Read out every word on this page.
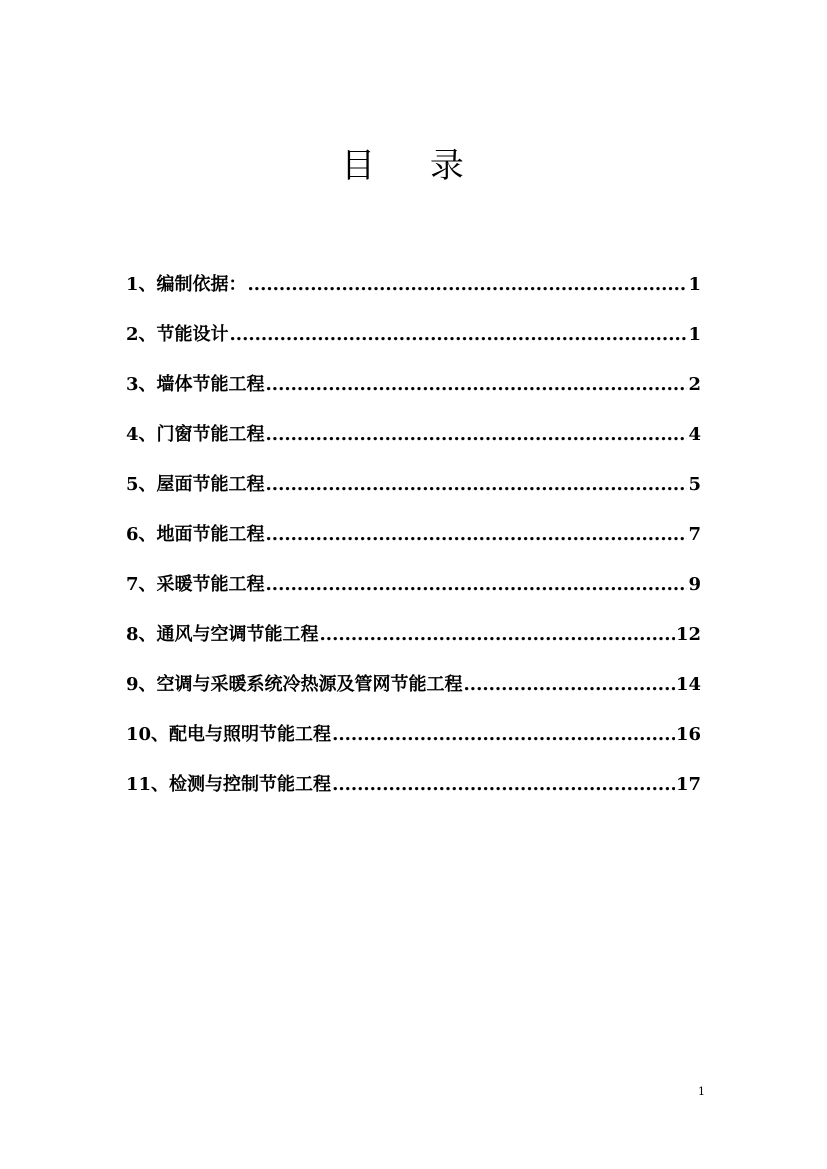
目 录
1、编制依据： .....	1
2、节能设计 .....	1
3、墙体节能工程 .....	2
4、门窗节能工程 .....	4
5、屋面节能工程 .....	5
6、地面节能工程 .....	7
7、采暖节能工程 .....	9
8、通风与空调节能工程 .....	12
9、空调与采暖系统冷热源及管网节能工程 .....	14
10、配电与照明节能工程 .....	16
11、检测与控制节能工程 .....	17
1
